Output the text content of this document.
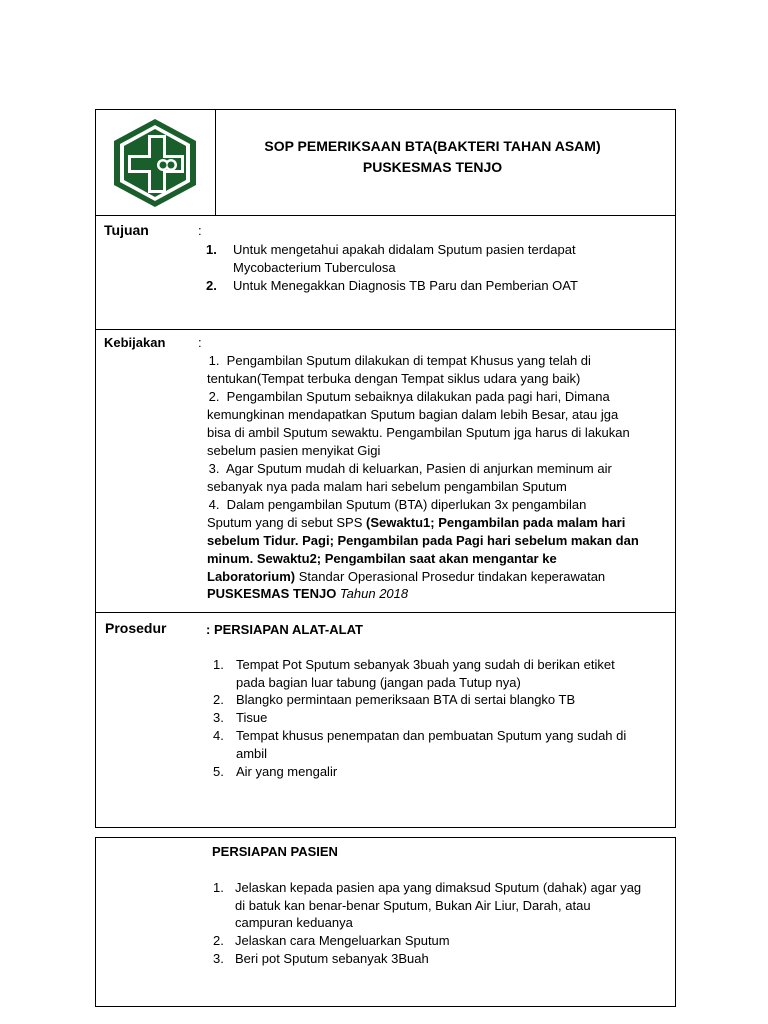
SOP PEMERIKSAAN BTA(BAKTERI TAHAN ASAM)
PUSKESMAS TENJO
Tujuan	:
1. Untuk mengetahui apakah didalam Sputum pasien terdapat
Mycobacterium Tuberculosa
2. Untuk Menegakkan Diagnosis TB Paru dan Pemberian OAT
Kebijakan	:
1.  Pengambilan Sputum dilakukan di tempat Khusus yang telah di
tentukan(Tempat terbuka dengan Tempat siklus udara yang baik)
2.  Pengambilan Sputum sebaiknya dilakukan pada pagi hari, Dimana
kemungkinan mendapatkan Sputum bagian dalam lebih Besar, atau jga
bisa di ambil Sputum sewaktu. Pengambilan Sputum jga harus di lakukan
sebelum pasien menyikat Gigi
3.  Agar Sputum mudah di keluarkan, Pasien di anjurkan meminum air
sebanyak nya pada malam hari sebelum pengambilan Sputum
4.  Dalam pengambilan Sputum (BTA) diperlukan 3x pengambilan
Sputum yang di sebut SPS (Sewaktu1; Pengambilan pada malam hari
sebelum Tidur. Pagi; Pengambilan pada Pagi hari sebelum makan dan
minum. Sewaktu2; Pengambilan saat akan mengantar ke
Laboratorium) Standar Operasional Prosedur tindakan keperawatan
PUSKESMAS TENJO Tahun 2018
Prosedur	: PERSIAPAN ALAT-ALAT
1. Tempat Pot Sputum sebanyak 3buah yang sudah di berikan etiket
pada bagian luar tabung (jangan pada Tutup nya)
2. Blangko permintaan pemeriksaan BTA di sertai blangko TB
3. Tisue
4. Tempat khusus penempatan dan pembuatan Sputum yang sudah di
ambil
5. Air yang mengalir
PERSIAPAN PASIEN
1. Jelaskan kepada pasien apa yang dimaksud Sputum (dahak) agar yag
di batuk kan benar-benar Sputum, Bukan Air Liur, Darah, atau
campuran keduanya
2. Jelaskan cara Mengeluarkan Sputum
3. Beri pot Sputum sebanyak 3Buah
